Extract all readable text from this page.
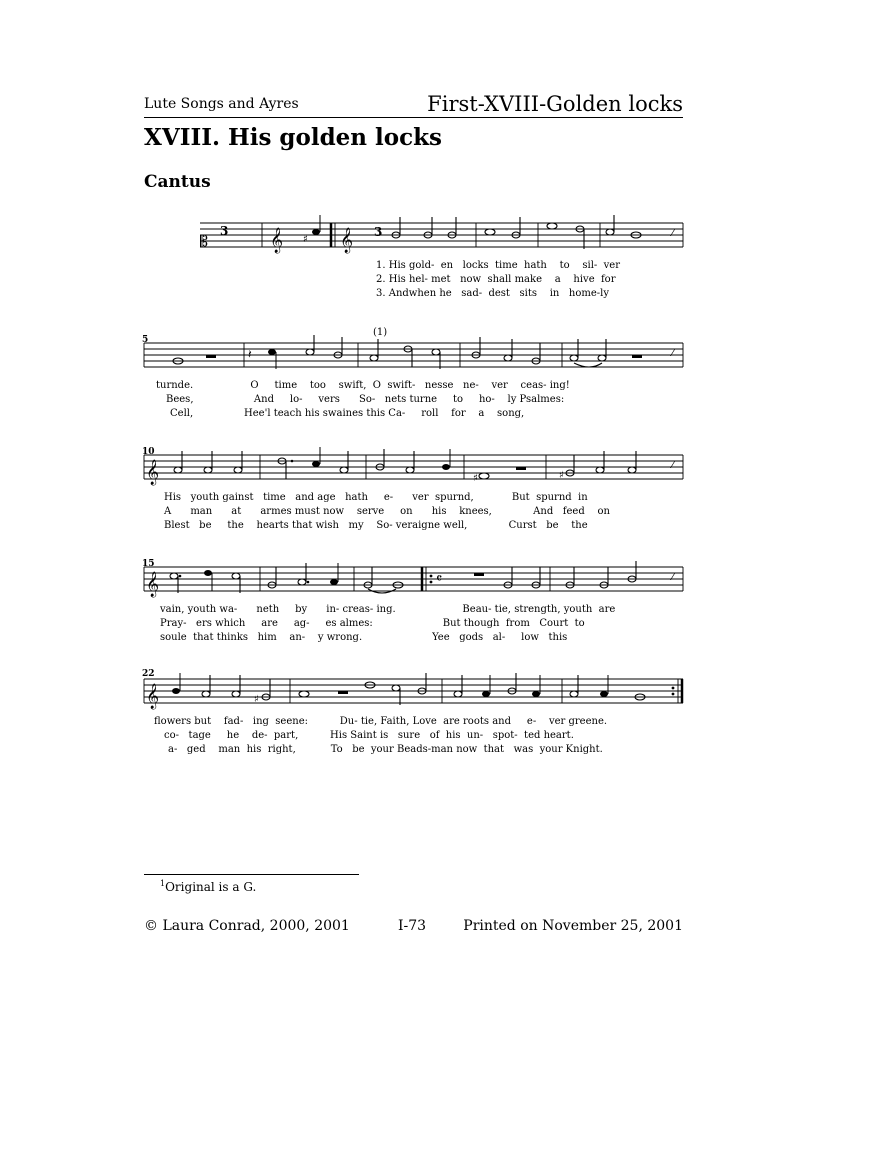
Lute Songs and Ayres	First-XVIII-Golden locks
XVIII. His golden locks
Cantus
𝄡
3 𝄞	𝄞 3
♯
⁄
1. His gold- en locks time hath to sil- ver
2. His hel- met now shall make a hive for
3. Andwhen he sad- dest sits in home-ly
5
(1)
𝄽	⁄
turnde.	O time too swift, O swift- nesse ne- ver ceas- ing!
Bees,	And lo- vers So- nets turne to ho- ly Psalmes:
Cell,	Hee'l teach his swaines this Ca- roll for a song,
10
𝄞	♯	♯
⁄
His youth gainst time and age hath e- ver spurnd,	But spurnd in
A man at armes must now serve on his knees,	And feed on
Blest be the hearts that wish my So- veraigne well,	Curst be the
15
𝄞	𝄴	⁄
vain, youth wa- neth by in- creas- ing.	Beau- tie, strength, youth are
Pray- ers which are ag- es almes:	But though from Court to
soule that thinks him an- y wrong.	Yee gods al- low this
22
𝄞	♯
flowers but fad- ing seene:	Du- tie, Faith, Love are roots and e- ver greene.
co- tage he de- part,	His Saint is sure of his un- spot- ted heart.
a- ged man his right,	To be your Beads-man now that was your Knight.
$^1$Original is a G.
© Laura Conrad, 2000, 2001	I-73	Printed on November 25, 2001
